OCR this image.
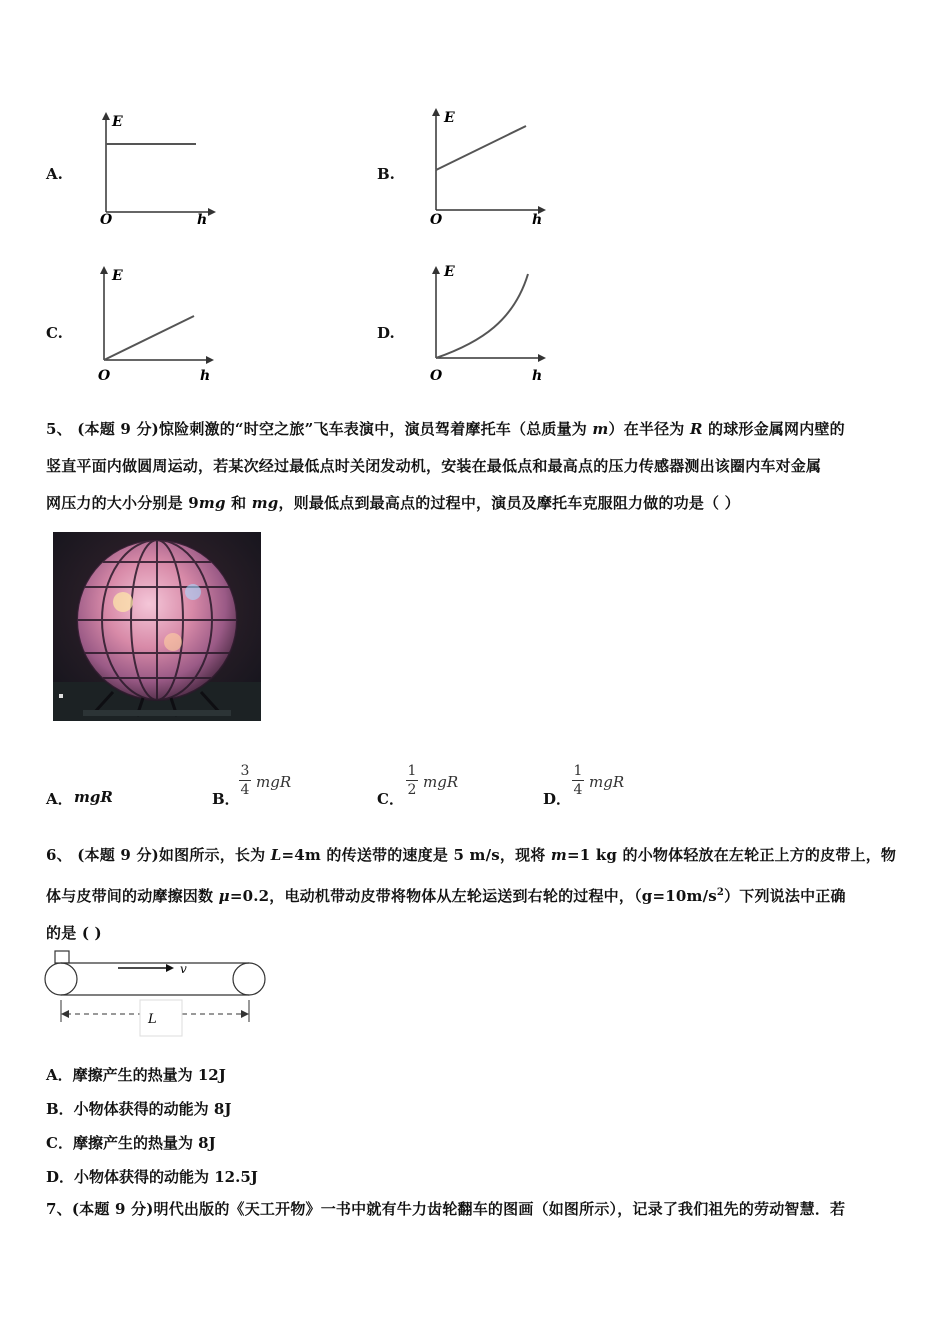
A.
E
O	h
B.
E
O	h
C.
E
O	h
D.
E
O	h
5、 (本题 9 分)惊险刺激的“时空之旅”飞车表演中，演员驾着摩托车（总质量为 m）在半径为 R 的球形金属网内壁的
竖直平面内做圆周运动，若某次经过最低点时关闭发动机，安装在最低点和最高点的压力传感器测出该圈内车对金属
网压力的大小分别是 9mg 和 mg，则最低点到最高点的过程中，演员及摩托车克服阻力做的功是（ ）
A． mgR	B．
3
4 mgR
C．
1
2 mgR
D．
1
4 mgR
6、 (本题 9 分)如图所示，长为 L=4m 的传送带的速度是 5 m/s，现将 m=1 kg 的小物体轻放在左轮正上方的皮带上，物
体与皮带间的动摩擦因数 μ=0.2，电动机带动皮带将物体从左轮运送到右轮的过程中，$(g=10m/s^2)$下列说法中正确
的是 ( )
v
L
A．摩擦产生的热量为 12J
B．小物体获得的动能为 8J
C．摩擦产生的热量为 8J
D．小物体获得的动能为 12.5J
7、(本题 9 分)明代出版的《天工开物》一书中就有牛力齿轮翻车的图画（如图所示），记录了我们祖先的劳动智慧．若
